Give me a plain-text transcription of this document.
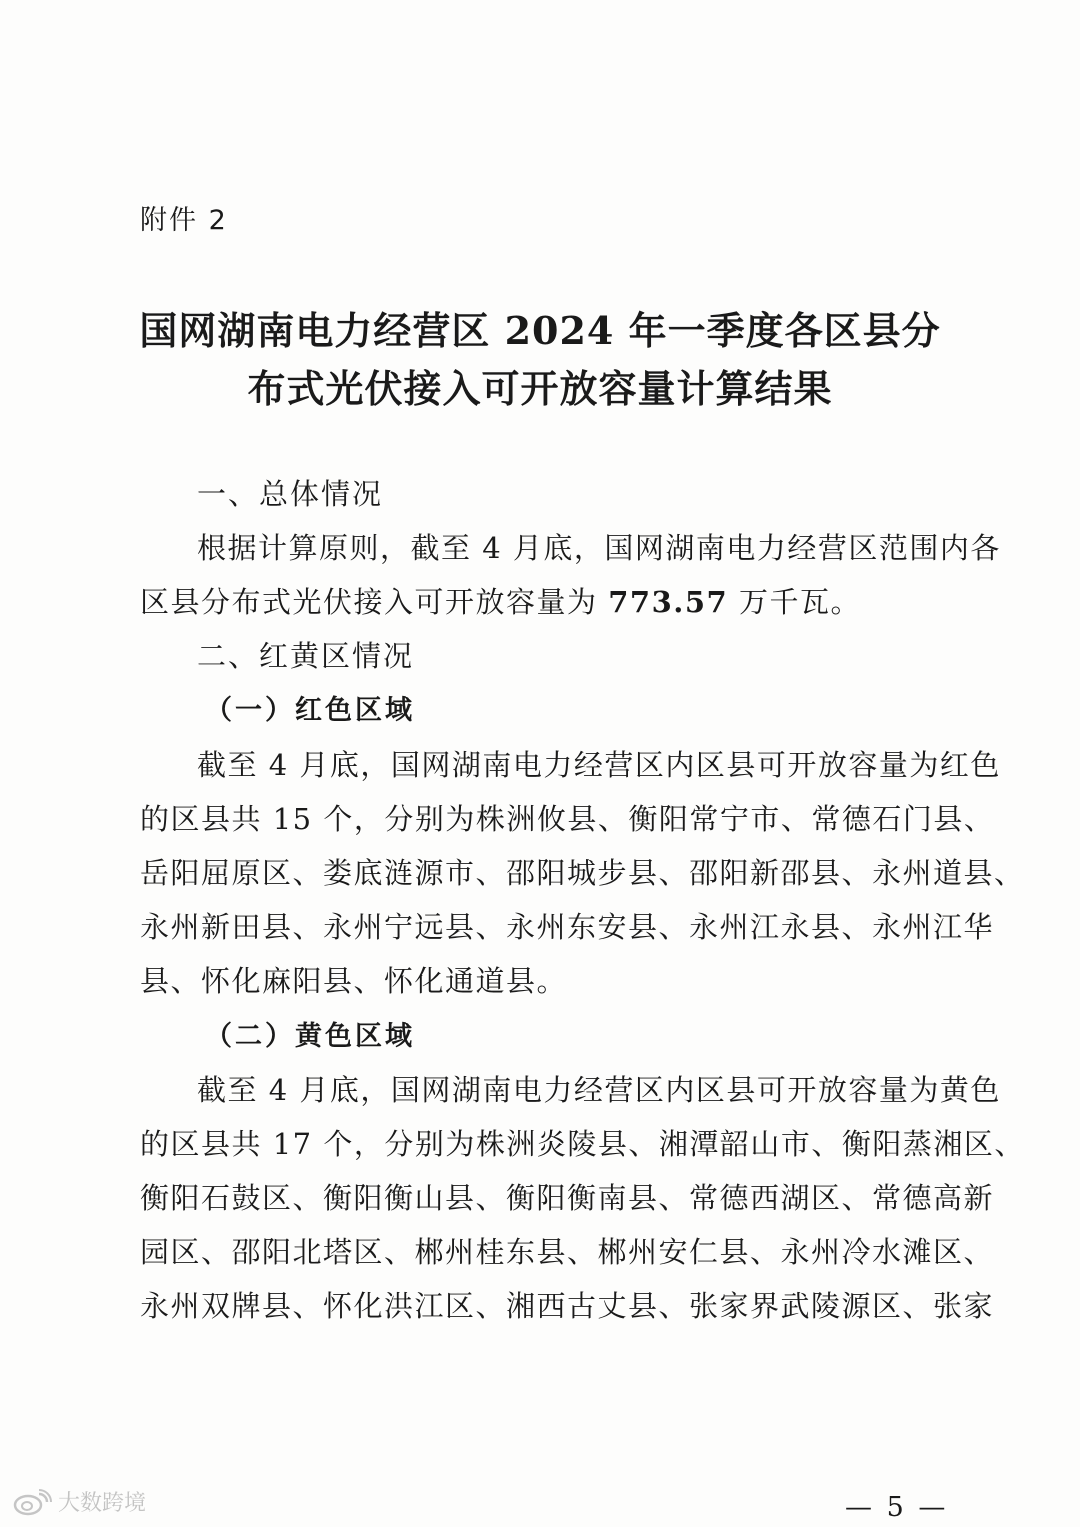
附件 2
国网湖南电力经营区 2024 年一季度各区县分
布式光伏接入可开放容量计算结果
一、总体情况
根据计算原则，截至 4 月底，国网湖南电力经营区范围内各
区县分布式光伏接入可开放容量为 773.57 万千瓦。
二、红黄区情况
（一）红色区域
截至 4 月底，国网湖南电力经营区内区县可开放容量为红色
的区县共 15 个，分别为株洲攸县、衡阳常宁市、常德石门县、
岳阳屈原区、娄底涟源市、邵阳城步县、邵阳新邵县、永州道县、
永州新田县、永州宁远县、永州东安县、永州江永县、永州江华
县、怀化麻阳县、怀化通道县。
（二）黄色区域
截至 4 月底，国网湖南电力经营区内区县可开放容量为黄色
的区县共 17 个，分别为株洲炎陵县、湘潭韶山市、衡阳蒸湘区、
衡阳石鼓区、衡阳衡山县、衡阳衡南县、常德西湖区、常德高新
园区、邵阳北塔区、郴州桂东县、郴州安仁县、永州冷水滩区、
永州双牌县、怀化洪江区、湘西古丈县、张家界武陵源区、张家
— 5 —
大数跨境
